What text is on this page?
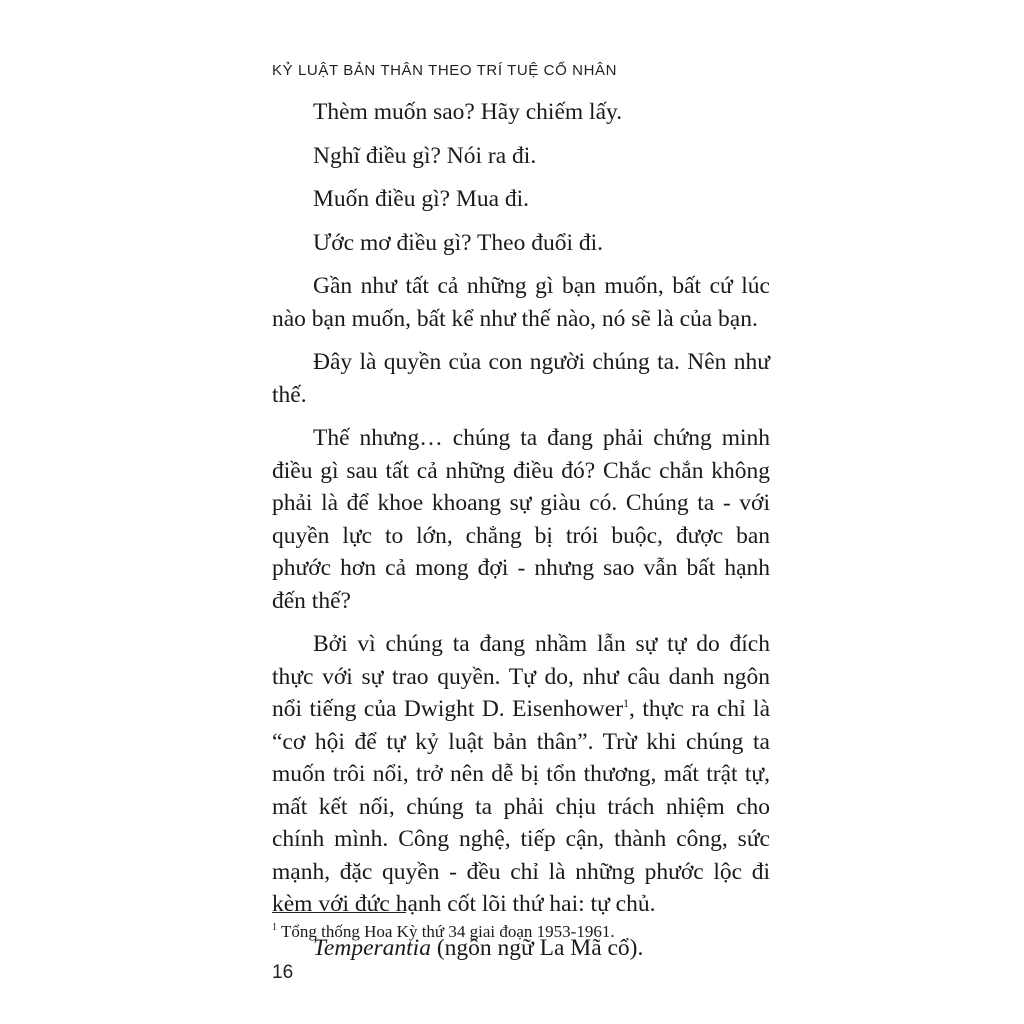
KỶ LUẬT BẢN THÂN THEO TRÍ TUỆ CỔ NHÂN

Thèm muốn sao? Hãy chiếm lấy.

Nghĩ điều gì? Nói ra đi.

Muốn điều gì? Mua đi.

Ước mơ điều gì? Theo đuổi đi.

Gần như tất cả những gì bạn muốn, bất cứ lúc nào bạn muốn, bất kể như thế nào, nó sẽ là của bạn.

Đây là quyền của con người chúng ta. Nên như thế.

Thế nhưng… chúng ta đang phải chứng minh điều gì sau tất cả những điều đó? Chắc chắn không phải là để khoe khoang sự giàu có. Chúng ta - với quyền lực to lớn, chẳng bị trói buộc, được ban phước hơn cả mong đợi - nhưng sao vẫn bất hạnh đến thế?

Bởi vì chúng ta đang nhầm lẫn sự tự do đích thực với sự trao quyền. Tự do, như câu danh ngôn nổi tiếng của Dwight D. Eisenhower$^1$, thực ra chỉ là “cơ hội để tự kỷ luật bản thân”. Trừ khi chúng ta muốn trôi nổi, trở nên dễ bị tổn thương, mất trật tự, mất kết nối, chúng ta phải chịu trách nhiệm cho chính mình. Công nghệ, tiếp cận, thành công, sức mạnh, đặc quyền - đều chỉ là những phước lộc đi kèm với đức hạnh cốt lõi thứ hai: tự chủ.

Temperantia (ngôn ngữ La Mã cổ).

$^1$ Tổng thống Hoa Kỳ thứ 34 giai đoạn 1953-1961.
16
